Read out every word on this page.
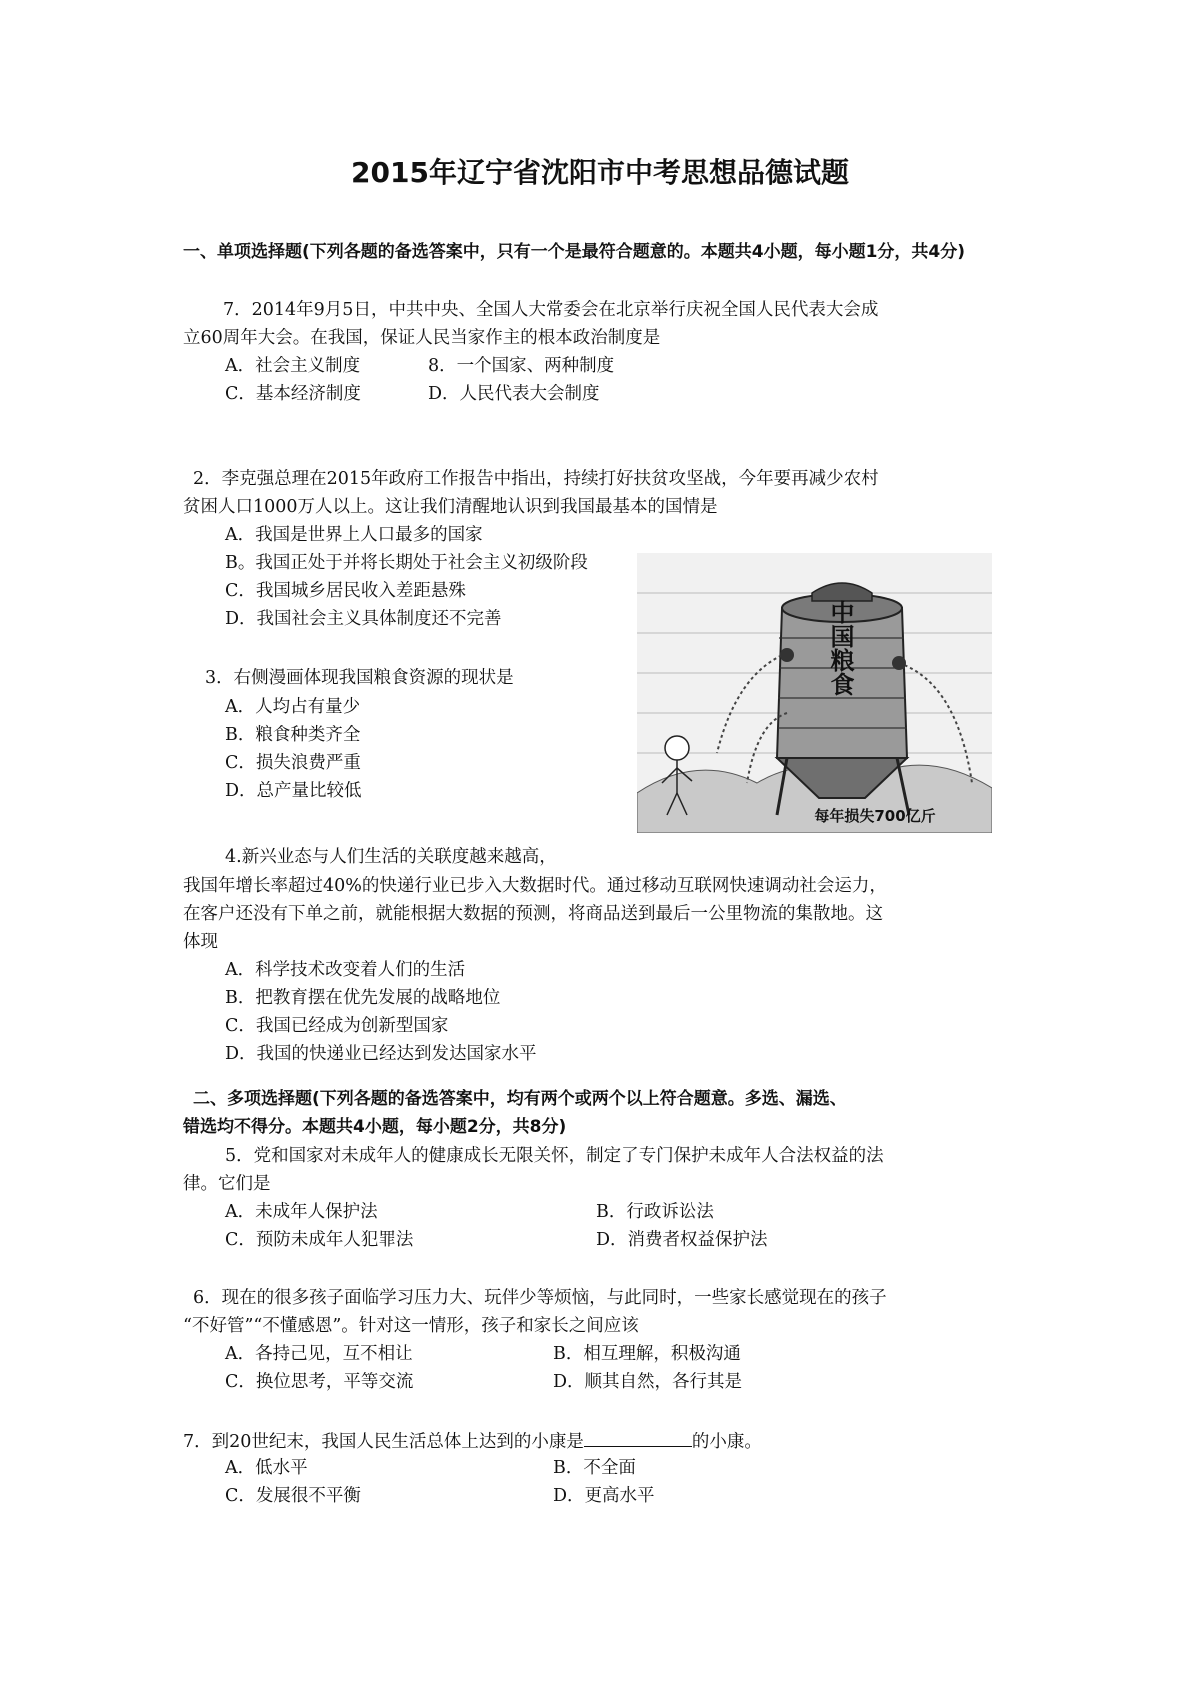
2015年辽宁省沈阳市中考思想品德试题
一、单项选择题(下列各题的备选答案中，只有一个是最符合题意的。本题共4小题，每小题1分，共4分)
7．2014年9月5日，中共中央、全国人大常委会在北京举行庆祝全国人民代表大会成
立60周年大会。在我国，保证人民当家作主的根本政治制度是
A．社会主义制度	8．一个国家、两种制度
C．基本经济制度	D．人民代表大会制度
2．李克强总理在2015年政府工作报告中指出，持续打好扶贫攻坚战，今年要再减少农村
贫困人口1000万人以上。这让我们清醒地认识到我国最基本的国情是
A．我国是世界上人口最多的国家
B。我国正处于并将长期处于社会主义初级阶段
C．我国城乡居民收入差距悬殊
D．我国社会主义具体制度还不完善
3．右侧漫画体现我国粮食资源的现状是
A．人均占有量少
B．粮食种类齐全
C．损失浪费严重
D．总产量比较低
中国粮食
每年损失700亿斤
4.新兴业态与人们生活的关联度越来越高，
我国年增长率超过40%的快递行业已步入大数据时代。通过移动互联网快速调动社会运力，
在客户还没有下单之前，就能根据大数据的预测，将商品送到最后一公里物流的集散地。这
体现
A．科学技术改变着人们的生活
B．把教育摆在优先发展的战略地位
C．我国已经成为创新型国家
D．我国的快递业已经达到发达国家水平
二、多项选择题(下列各题的备选答案中，均有两个或两个以上符合题意。多选、漏选、
错选均不得分。本题共4小题，每小题2分，共8分)
5．党和国家对未成年人的健康成长无限关怀，制定了专门保护未成年人合法权益的法
律。它们是
A．未成年人保护法	B．行政诉讼法
C．预防未成年人犯罪法	D．消费者权益保护法
6．现在的很多孩子面临学习压力大、玩伴少等烦恼，与此同时，一些家长感觉现在的孩子
“不好管”“不懂感恩”。针对这一情形，孩子和家长之间应该
A．各持己见，互不相让	B．相互理解，积极沟通
C．换位思考，平等交流	D．顺其自然，各行其是
7．到20世纪末，我国人民生活总体上达到的小康是	的小康。
A．低水平	B．不全面
C．发展很不平衡	D．更高水平
